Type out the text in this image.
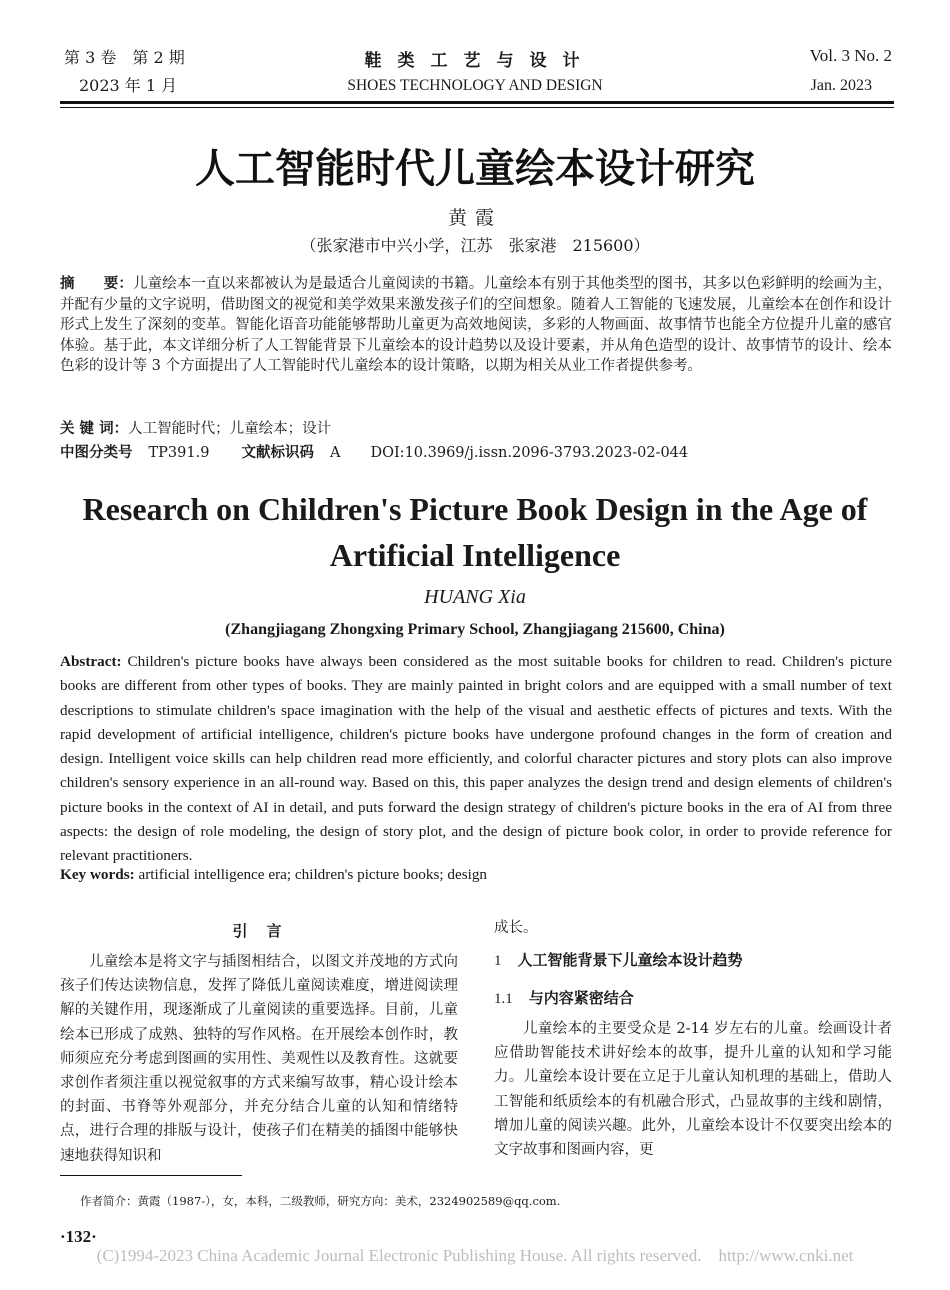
第 3 卷　第 2 期
2023 年 1 月
鞋类工艺与设计
SHOES TECHNOLOGY AND DESIGN
Vol. 3 No. 2
Jan. 2023
人工智能时代儿童绘本设计研究
黄霞
（张家港市中兴小学，江苏　张家港　215600）
摘　　要：儿童绘本一直以来都被认为是最适合儿童阅读的书籍。儿童绘本有别于其他类型的图书，其多以色彩鲜明的绘画为主，并配有少量的文字说明，借助图文的视觉和美学效果来激发孩子们的空间想象。随着人工智能的飞速发展，儿童绘本在创作和设计形式上发生了深刻的变革。智能化语音功能能够帮助儿童更为高效地阅读，多彩的人物画面、故事情节也能全方位提升儿童的感官体验。基于此，本文详细分析了人工智能背景下儿童绘本的设计趋势以及设计要素，并从角色造型的设计、故事情节的设计、绘本色彩的设计等 3 个方面提出了人工智能时代儿童绘本的设计策略，以期为相关从业工作者提供参考。
关 键 词：人工智能时代；儿童绘本；设计
中图分类号 TP391.9 文献标识码 A DOI:10.3969/j.issn.2096-3793.2023-02-044
Research on Children's Picture Book Design in the Age of
Artificial Intelligence
HUANG Xia
(Zhangjiagang Zhongxing Primary School, Zhangjiagang 215600, China)
Abstract: Children's picture books have always been considered as the most suitable books for children to read. Children's picture books are different from other types of books. They are mainly painted in bright colors and are equipped with a small number of text descriptions to stimulate children's space imagination with the help of the visual and aesthetic effects of pictures and texts. With the rapid development of artificial intelligence, children's picture books have undergone profound changes in the form of creation and design. Intelligent voice skills can help children read more efficiently, and colorful character pictures and story plots can also improve children's sensory experience in an all-round way. Based on this, this paper analyzes the design trend and design elements of children's picture books in the context of AI in detail, and puts forward the design strategy of children's picture books in the era of AI from three aspects: the design of role modeling, the design of story plot, and the design of picture book color, in order to provide reference for relevant practitioners.
Key words: artificial intelligence era; children's picture books; design
引　言
儿童绘本是将文字与插图相结合，以图文并茂地的方式向孩子们传达读物信息，发挥了降低儿童阅读难度，增进阅读理解的关键作用，现逐渐成了儿童阅读的重要选择。目前，儿童绘本已形成了成熟、独特的写作风格。在开展绘本创作时，教师须应充分考虑到图画的实用性、美观性以及教育性。这就要求创作者须注重以视觉叙事的方式来编写故事，精心设计绘本的封面、书脊等外观部分，并充分结合儿童的认知和情绪特点，进行合理的排版与设计，使孩子们在精美的插图中能够快速地获得知识和
成长。
1 人工智能背景下儿童绘本设计趋势
1.1 与内容紧密结合
儿童绘本的主要受众是 2-14 岁左右的儿童。绘画设计者应借助智能技术讲好绘本的故事，提升儿童的认知和学习能力。儿童绘本设计要在立足于儿童认知机理的基础上，借助人工智能和纸质绘本的有机融合形式，凸显故事的主线和剧情，增加儿童的阅读兴趣。此外，儿童绘本设计不仅要突出绘本的文字故事和图画内容，更
作者简介：黄霞（1987-），女，本科，二级教师，研究方向：美术，2324902589@qq.com.
·132·
(C)1994-2023 China Academic Journal Electronic Publishing House. All rights reserved.　http://www.cnki.net
